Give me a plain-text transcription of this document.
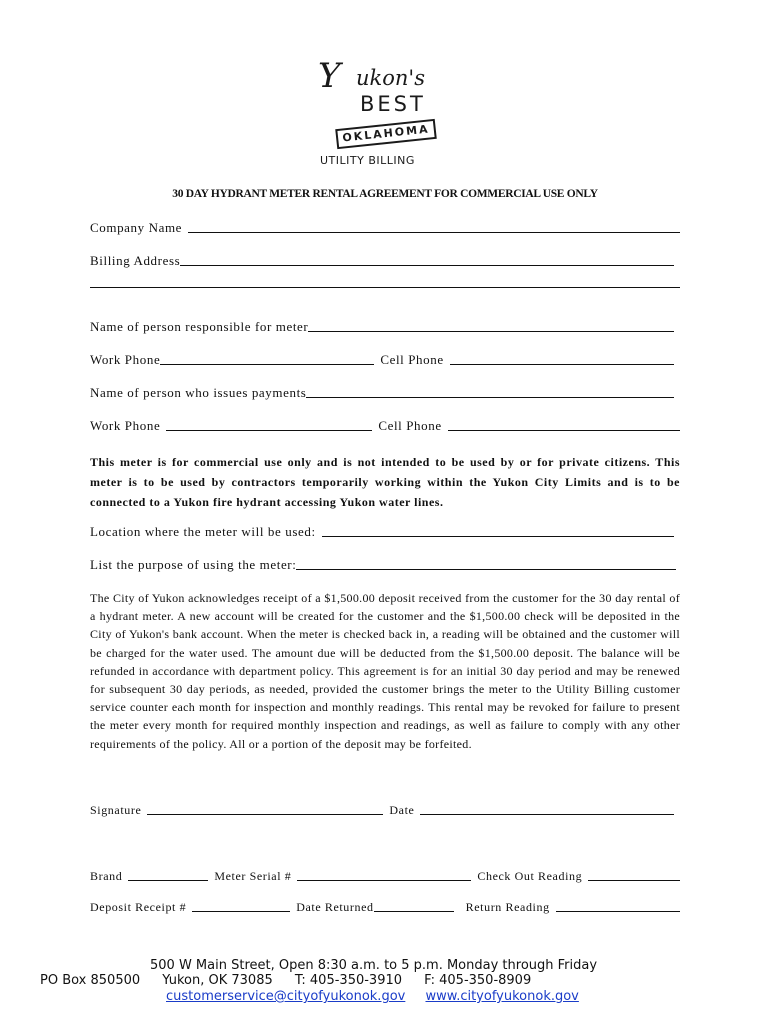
Y ukon's
BEST
OKLAHOMA
UTILITY BILLING
30 DAY HYDRANT METER RENTAL AGREEMENT FOR COMMERCIAL USE ONLY
Company Name
Billing Address
Name of person responsible for meter
Work Phone	Cell Phone
Name of person who issues payments
Work Phone	Cell Phone
This meter is for commercial use only and is not intended to be used by or for private citizens. This meter is to be used by contractors temporarily working within the Yukon City Limits and is to be connected to a Yukon fire hydrant accessing Yukon water lines.
Location where the meter will be used:
List the purpose of using the meter:
The City of Yukon acknowledges receipt of a $1,500.00 deposit received from the customer for the 30 day rental of a hydrant meter. A new account will be created for the customer and the $1,500.00 check will be deposited in the City of Yukon's bank account. When the meter is checked back in, a reading will be obtained and the customer will be charged for the water used. The amount due will be deducted from the $1,500.00 deposit. The balance will be refunded in accordance with department policy. This agreement is for an initial 30 day period and may be renewed for subsequent 30 day periods, as needed, provided the customer brings the meter to the Utility Billing customer service counter each month for inspection and monthly readings. This rental may be revoked for failure to present the meter every month for required monthly inspection and readings, as well as failure to comply with any other requirements of the policy. All or a portion of the deposit may be forfeited.
Signature	Date
Brand	Meter Serial #	Check Out Reading
Deposit Receipt #	Date Returned	Return Reading
500 W Main Street, Open 8:30 a.m. to 5 p.m. Monday through Friday
PO Box 850500 Yukon, OK 73085 T: 405-350-3910 F: 405-350-8909
customerservice@cityofyukonok.gov www.cityofyukonok.gov
